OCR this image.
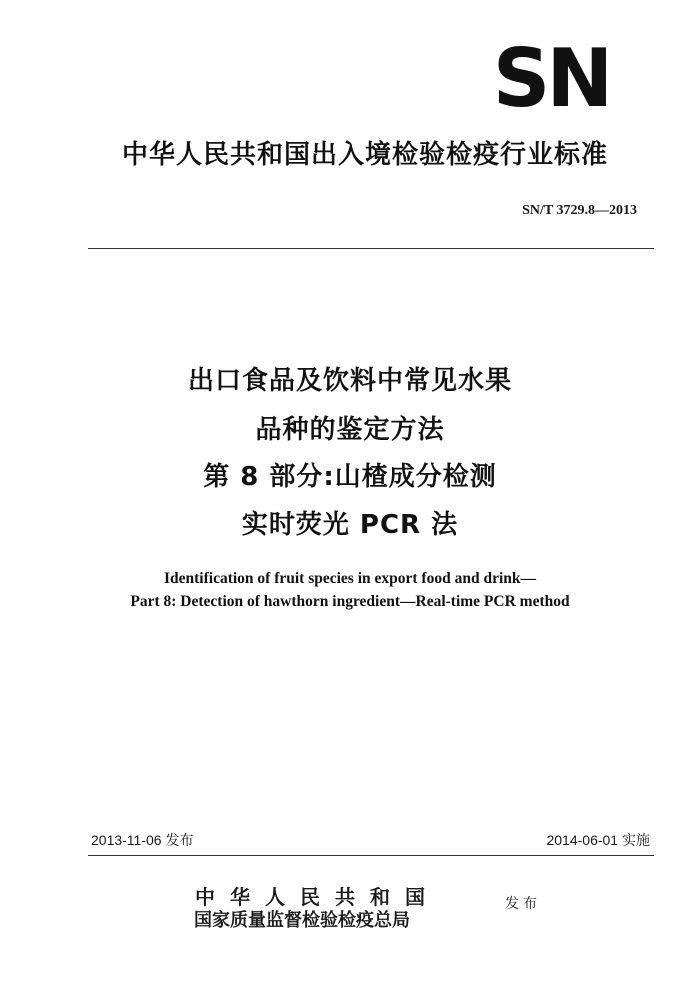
SN
中华人民共和国出入境检验检疫行业标准
SN/T 3729.8—2013
出口食品及饮料中常见水果
品种的鉴定方法
第 8 部分:山楂成分检测
实时荧光 PCR 法
Identification of fruit species in export food and drink—
Part 8: Detection of hawthorn ingredient—Real-time PCR method
2013-11-06 发布	2014-06-01 实施
中华人民共和国
国家质量监督检验检疫总局
发布
